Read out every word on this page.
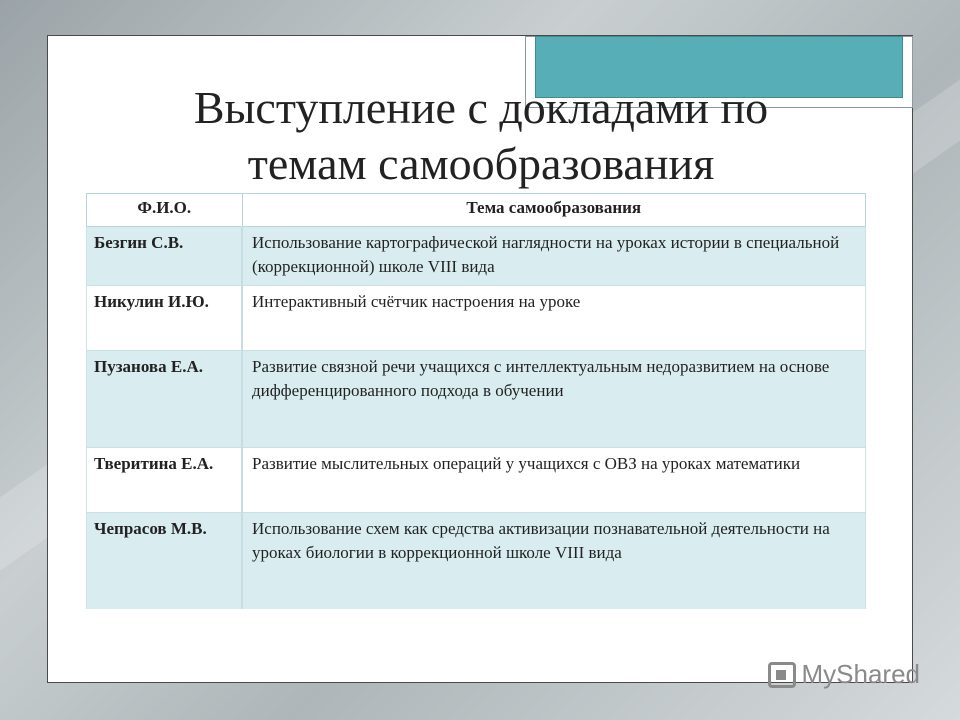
Выступление с докладами по
темам самообразования
Ф.И.О.	Тема самообразования
Безгин С.В.	Использование картографической наглядности на уроках истории в специальной (коррекционной) школе VIII вида
Никулин И.Ю.	Интерактивный счётчик настроения на уроке
Пузанова Е.А.	Развитие связной речи учащихся с интеллектуальным недоразвитием на основе дифференцированного подхода в обучении
Тверитина Е.А.	Развитие мыслительных операций у учащихся с ОВЗ на уроках математики
Чепрасов М.В.	Использование схем как средства активизации познавательной деятельности на уроках биологии в коррекционной школе VIII вида
MyShared
